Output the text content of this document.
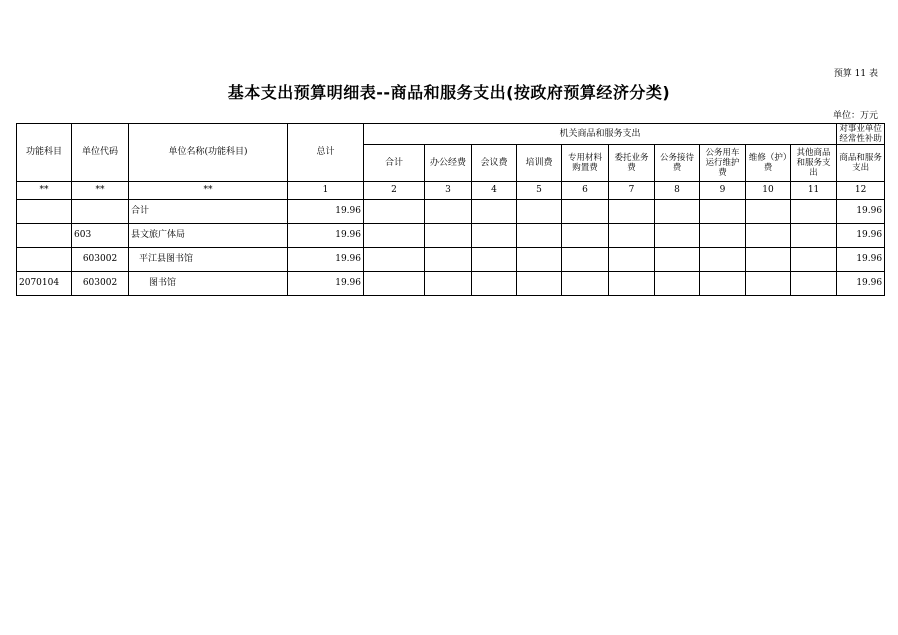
预算 11 表
基本支出预算明细表--商品和服务支出(按政府预算经济分类)
单位：万元
功能科目	单位代码	单位名称(功能科目)	总计	机关商品和服务支出										对事业单位经常性补助
				合计	办公经费	会议费	培训费	专用材料 购置费	委托业务 费	公务接待 费	公务用车运行维护费	维修（护）费	其他商品和服务支出	商品和服务 支出
**	**	**	1	2	3	4	5	6	7	8	9	10	11	12
		合计	19.96											19.96
	603	县文旅广体局	19.96											19.96
	603002	平江县图书馆	19.96											19.96
2070104	603002	图书馆	19.96											19.96
